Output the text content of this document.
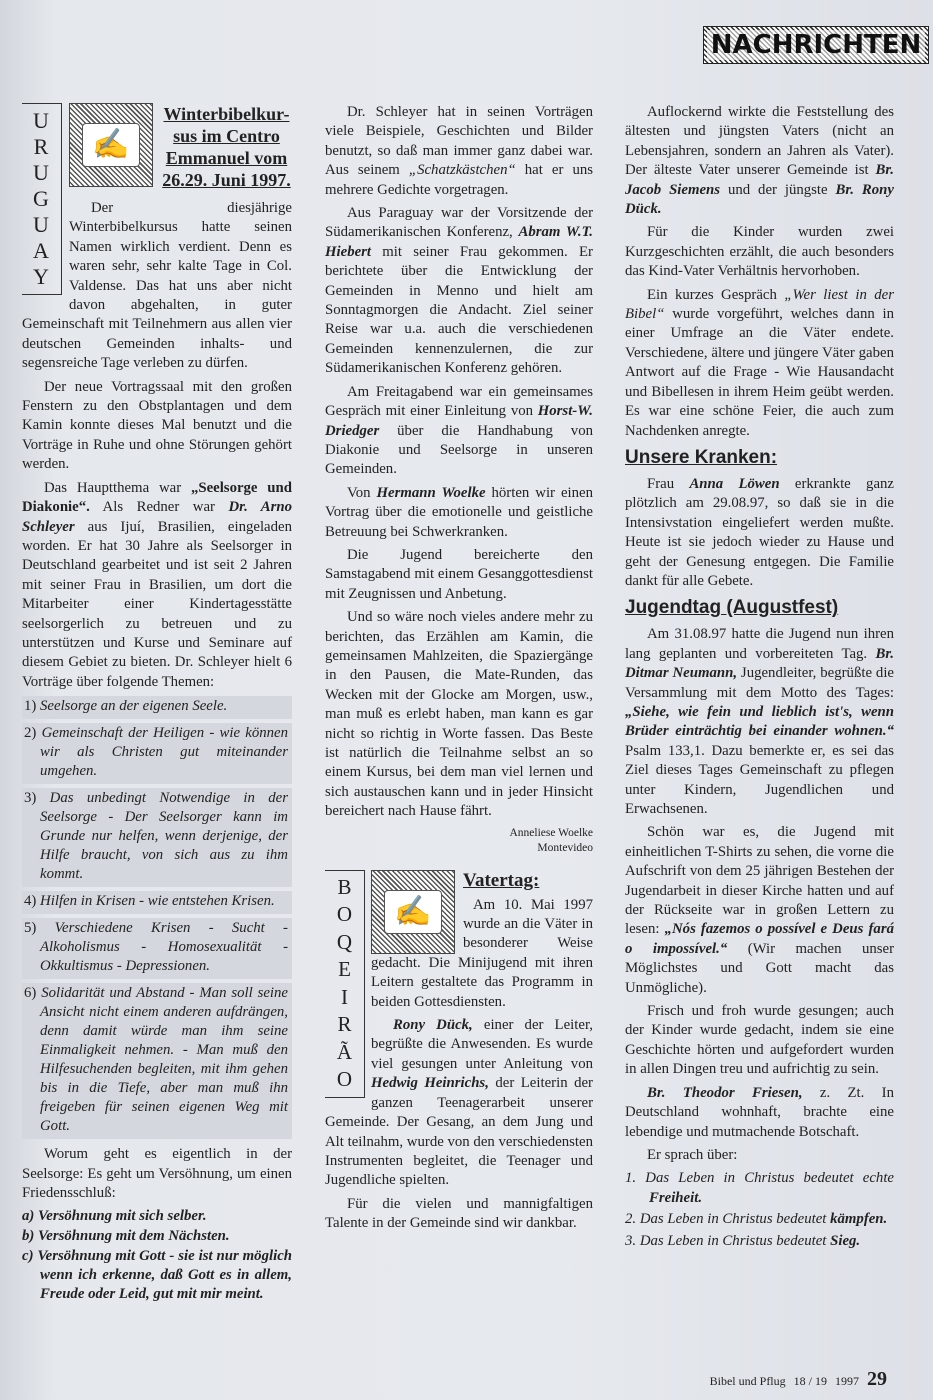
NACHRICHTEN
U
R
U
G
U
A
Y
✍
Winterbibelkur-sus im Centro Emmanuel vom 26.29. Juni 1997.

Der diesjährige Winterbibelkursus hatte seinen Namen wirklich verdient. Denn es waren sehr, sehr kalte Tage in Col. Valdense. Das hat uns aber nicht davon abgehalten, in guter Gemeinschaft mit Teilnehmern aus allen vier deutschen Gemeinden inhalts- und segensreiche Tage verleben zu dürfen.

Der neue Vortragssaal mit den großen Fenstern zu den Obstplantagen und dem Kamin konnte dieses Mal benutzt und die Vorträge in Ruhe und ohne Störungen gehört werden.

Das Hauptthema war „Seelsorge und Diakonie“. Als Redner war Dr. Arno Schleyer aus Ijuí, Brasilien, eingeladen worden. Er hat 30 Jahre als Seelsorger in Deutschland gearbeitet und ist seit 2 Jahren mit seiner Frau in Brasilien, um dort die Mitarbeiter einer Kindertagesstätte seelsorgerlich zu betreuen und zu unterstützen und Kurse und Seminare auf diesem Gebiet zu bieten. Dr. Schleyer hielt 6 Vorträge über folgende Themen:

1) Seelsorge an der eigenen Seele.
2) Gemeinschaft der Heiligen - wie können wir als Christen gut miteinander umgehen.
3) Das unbedingt Notwendige in der Seelsorge - Der Seelsorger kann im Grunde nur helfen, wenn derjenige, der Hilfe braucht, von sich aus zu ihm kommt.
4) Hilfen in Krisen - wie entstehen Krisen.
5) Verschiedene Krisen - Sucht - Alkoholismus - Homosexualität - Okkultismus - Depressionen.
6) Solidarität und Abstand - Man soll seine Ansicht nicht einem anderen aufdrängen, denn damit würde man ihm seine Einmaligkeit nehmen. - Man muß den Hilfesuchenden begleiten, mit ihm gehen bis in die Tiefe, aber man muß ihn freigeben für seinen eigenen Weg mit Gott.

Worum geht es eigentlich in der Seelsorge: Es geht um Versöhnung, um einen Friedensschluß:

a) Versöhnung mit sich selber.
b) Versöhnung mit dem Nächsten.
c) Versöhnung mit Gott - sie ist nur möglich wenn ich erkenne, daß Gott es in allem, Freude oder Leid, gut mit mir meint.

Dr. Schleyer hat in seinen Vorträgen viele Beispiele, Geschichten und Bilder benutzt, so daß man immer ganz dabei war. Aus seinem „Schatzkästchen“ hat er uns mehrere Gedichte vorgetragen.

Aus Paraguay war der Vorsitzende der Südamerikanischen Konferenz, Abram W.T. Hiebert mit seiner Frau gekommen. Er berichtete über die Entwicklung der Gemeinden in Menno und hielt am Sonntagmorgen die Andacht. Ziel seiner Reise war u.a. auch die verschiedenen Gemeinden kennenzulernen, die zur Südamerikanischen Konferenz gehören.

Am Freitagabend war ein gemeinsames Gespräch mit einer Einleitung von Horst-W. Driedger über die Handhabung von Diakonie und Seelsorge in unseren Gemeinden.

Von Hermann Woelke hörten wir einen Vortrag über die emotionelle und geistliche Betreuung bei Schwerkranken.

Die Jugend bereicherte den Samstagabend mit einem Gesanggottesdienst mit Zeugnissen und Anbetung.

Und so wäre noch vieles andere mehr zu berichten, das Erzählen am Kamin, die gemeinsamen Mahlzeiten, die Spaziergänge in den Pausen, die Mate-Runden, das Wecken mit der Glocke am Morgen, usw., man muß es erlebt haben, man kann es gar nicht so richtig in Worte fassen. Das Beste ist natürlich die Teilnahme selbst an so einem Kursus, bei dem man viel lernen und sich austauschen kann und in jeder Hinsicht bereichert nach Hause fährt.

Anneliese Woelke
Montevideo
B
O
Q
E
I
R
Ã
O
✍
Vatertag:

Am 10. Mai 1997 wurde an die Väter in besonderer Weise gedacht. Die Minijugend mit ihren Leitern gestaltete das Programm in beiden Gottesdiensten.

Rony Dück, einer der Leiter, begrüßte die Anwesenden. Es wurde viel gesungen unter Anleitung von Hedwig Heinrichs, der Leiterin der ganzen Teenagerarbeit unserer Gemeinde. Der Gesang, an dem Jung und Alt teilnahm, wurde von den verschiedensten Instrumenten begleitet, die Teenager und Jugendliche spielten.

Für die vielen und mannigfaltigen Talente in der Gemeinde sind wir dankbar.

Auflockernd wirkte die Feststellung des ältesten und jüngsten Vaters (nicht an Lebensjahren, sondern an Jahren als Vater). Der älteste Vater unserer Gemeinde ist Br. Jacob Siemens und der jüngste Br. Rony Dück.

Für die Kinder wurden zwei Kurzgeschichten erzählt, die auch besonders das Kind-Vater Verhältnis hervorhoben.

Ein kurzes Gespräch „Wer liest in der Bibel“ wurde vorgeführt, welches dann in einer Umfrage an die Väter endete. Verschiedene, ältere und jüngere Väter gaben Antwort auf die Frage - Wie Hausandacht und Bibellesen in ihrem Heim geübt werden. Es war eine schöne Feier, die auch zum Nachdenken anregte.

Unsere Kranken:

Frau Anna Löwen erkrankte ganz plötzlich am 29.08.97, so daß sie in die Intensivstation eingeliefert werden mußte. Heute ist sie jedoch wieder zu Hause und geht der Genesung entgegen. Die Familie dankt für alle Gebete.

Jugendtag (Augustfest)

Am 31.08.97 hatte die Jugend nun ihren lang geplanten und vorbereiteten Tag. Br. Ditmar Neumann, Jugendleiter, begrüßte die Versammlung mit dem Motto des Tages: „Siehe, wie fein und lieblich ist's, wenn Brüder einträchtig bei einander wohnen.“ Psalm 133,1. Dazu bemerkte er, es sei das Ziel dieses Tages Gemeinschaft zu pflegen unter Kindern, Jugendlichen und Erwachsenen.

Schön war es, die Jugend mit einheitlichen T-Shirts zu sehen, die vorne die Aufschrift von dem 25 jährigen Bestehen der Jugendarbeit in dieser Kirche hatten und auf der Rückseite war in großen Lettern zu lesen: „Nós fazemos o possível e Deus fará o impossível.“ (Wir machen unser Möglichstes und Gott macht das Unmögliche).

Frisch und froh wurde gesungen; auch der Kinder wurde gedacht, indem sie eine Geschichte hörten und aufgefordert wurden in allen Dingen treu und aufrichtig zu sein.

Br. Theodor Friesen, z. Zt. In Deutschland wohnhaft, brachte eine lebendige und mutmachende Botschaft.

Er sprach über:

1. Das Leben in Christus bedeutet echte Freiheit.
2. Das Leben in Christus bedeutet kämpfen.
3. Das Leben in Christus bedeutet Sieg.
Bibel und Pflug 18 / 19 1997 29
